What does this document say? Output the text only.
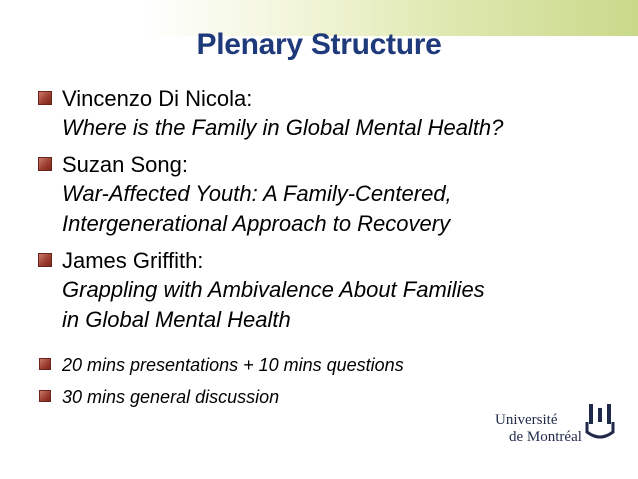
Plenary Structure
Vincenzo Di Nicola:
Where is the Family in Global Mental Health?
Suzan Song:
War-Affected Youth: A Family-Centered,
Intergenerational Approach to Recovery
James Griffith:
Grappling with Ambivalence About Families
in Global Mental Health
20 mins presentations + 10 mins questions
30 mins general discussion
Université
de Montréal
